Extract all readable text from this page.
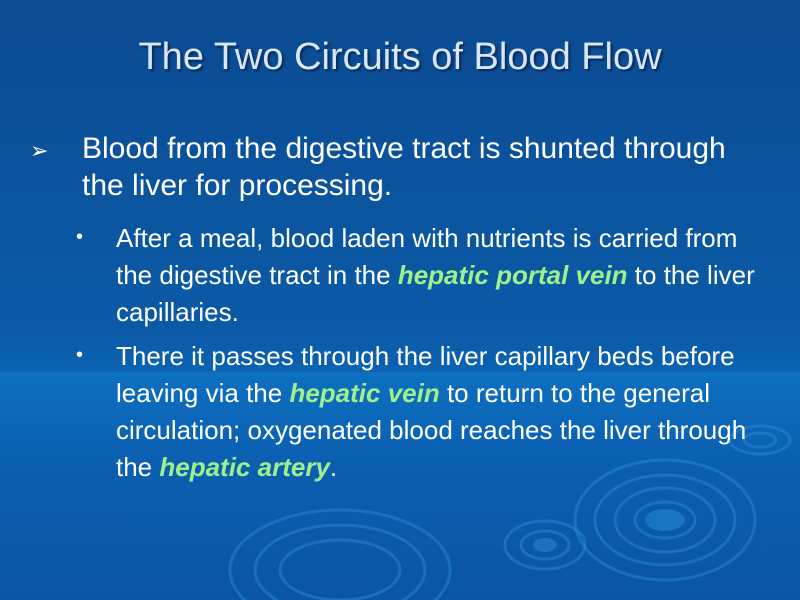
The Two Circuits of Blood Flow
➢ Blood from the digestive tract is shunted through the liver for processing.
• After a meal, blood laden with nutrients is carried from the digestive tract in the hepatic portal vein to the liver capillaries.
• There it passes through the liver capillary beds before leaving via the hepatic vein to return to the general circulation; oxygenated blood reaches the liver through the hepatic artery.
